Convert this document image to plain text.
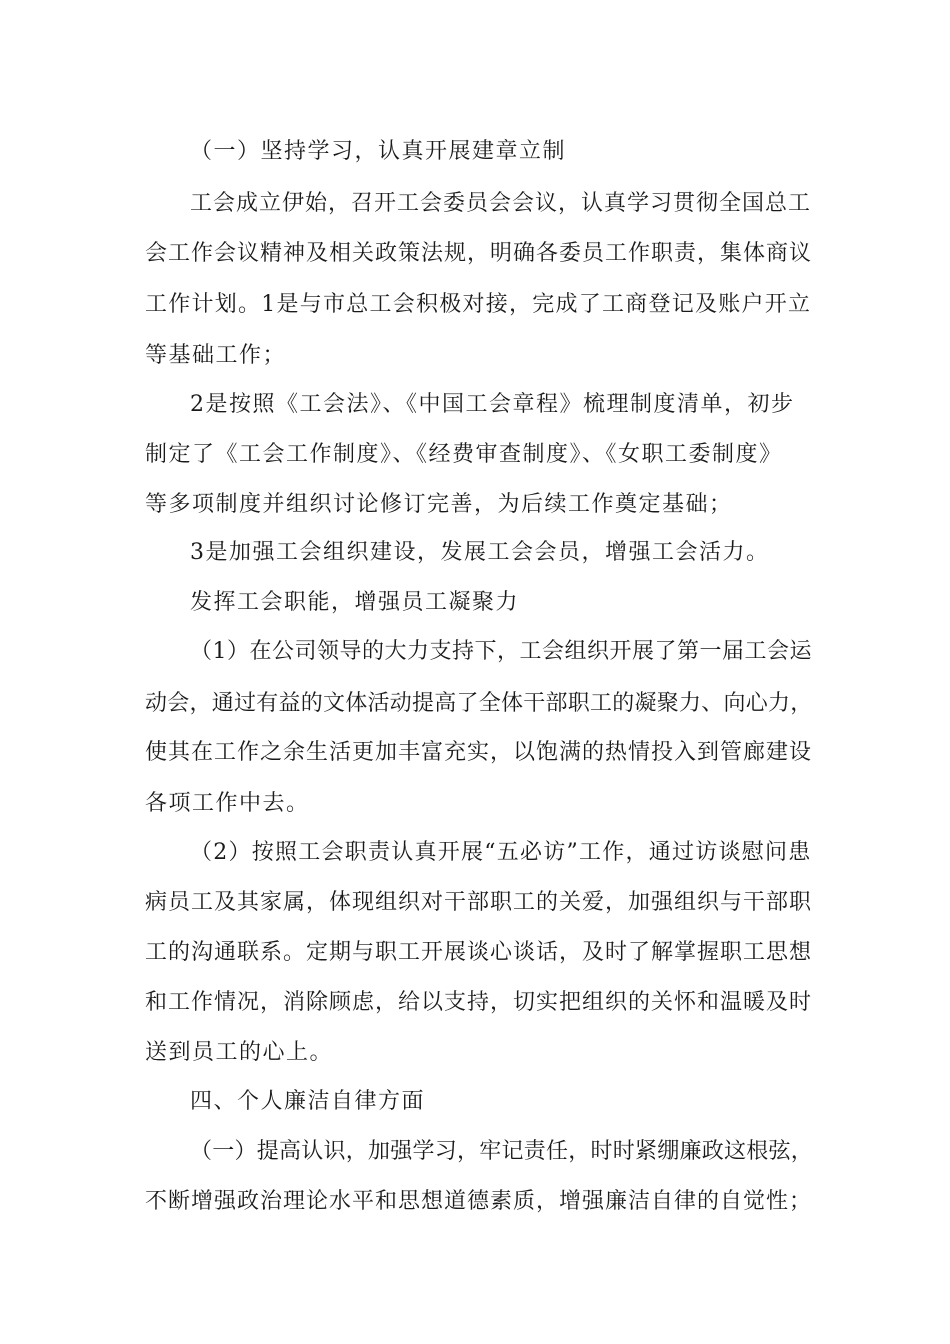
（一）坚持学习，认真开展建章立制
工会成立伊始，召开工会委员会会议，认真学习贯彻全国总工
会工作会议精神及相关政策法规，明确各委员工作职责，集体商议
工作计划。1是与市总工会积极对接，完成了工商登记及账户开立
等基础工作；
2是按照《工会法》、《中国工会章程》梳理制度清单，初步
制定了《工会工作制度》、《经费审查制度》、《女职工委制度》
等多项制度并组织讨论修订完善，为后续工作奠定基础；
3是加强工会组织建设，发展工会会员，增强工会活力。
发挥工会职能，增强员工凝聚力
（1）在公司领导的大力支持下，工会组织开展了第一届工会运
动会，通过有益的文体活动提高了全体干部职工的凝聚力、向心力，
使其在工作之余生活更加丰富充实，以饱满的热情投入到管廊建设
各项工作中去。
（2）按照工会职责认真开展“五必访”工作，通过访谈慰问患
病员工及其家属，体现组织对干部职工的关爱，加强组织与干部职
工的沟通联系。定期与职工开展谈心谈话，及时了解掌握职工思想
和工作情况，消除顾虑，给以支持，切实把组织的关怀和温暖及时
送到员工的心上。
四、个人廉洁自律方面
（一）提高认识，加强学习，牢记责任，时时紧绷廉政这根弦，
不断增强政治理论水平和思想道德素质，增强廉洁自律的自觉性；
